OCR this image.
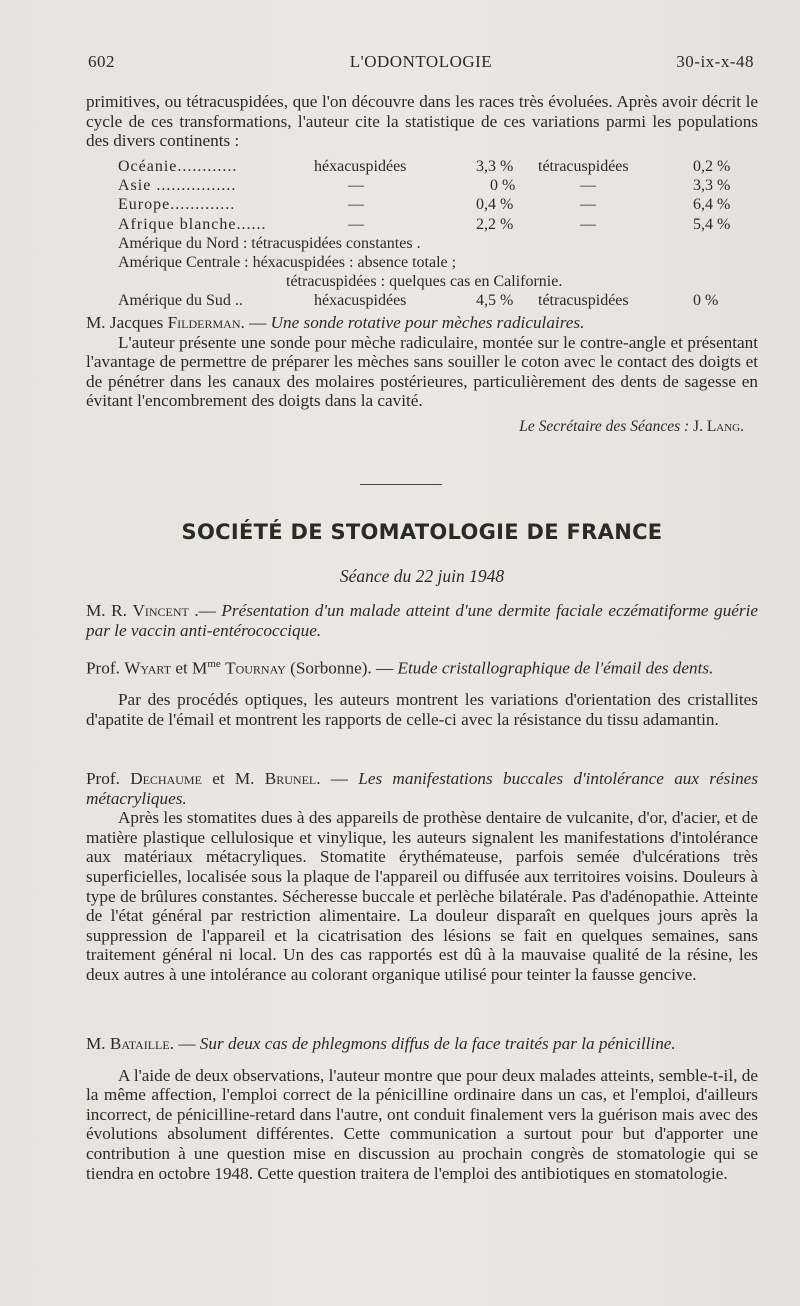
602	L'ODONTOLOGIE	30-ix-x-48

primitives, ou tétracuspidées, que l'on découvre dans les races très évoluées. Après avoir décrit le cycle de ces transformations, l'auteur cite la statistique de ces variations parmi les populations des divers continents :

Océanie............	héxacuspidées	3,3 % tétracuspidées	0,2 %
Asie ................	—	0 %	—	3,3 %
Europe.............	—	0,4 %	—	6,4 %
Afrique blanche......	—	2,2 %	—	5,4 %
Amérique du Nord : tétracuspidées constantes .
Amérique Centrale : héxacuspidées : absence totale ;
tétracuspidées : quelques cas en Californie.
Amérique du Sud ..	héxacuspidées	4,5 % tétracuspidées	0 %

M. Jacques Filderman. — Une sonde rotative pour mèches radiculaires.

L'auteur présente une sonde pour mèche radiculaire, montée sur le contre-angle et présentant l'avantage de permettre de préparer les mèches sans souiller le coton avec le contact des doigts et de pénétrer dans les canaux des molaires postérieures, particulièrement des dents de sagesse en évitant l'encombrement des doigts dans la cavité.

Le Secrétaire des Séances : J. Lang.

SOCIÉTÉ DE STOMATOLOGIE DE FRANCE
Séance du 22 juin 1948

M. R. Vincent .— Présentation d'un malade atteint d'une dermite faciale eczématiforme guérie par le vaccin anti-entérococcique.

Prof. Wyart et $M^{me}$ Tournay (Sorbonne). — Etude cristallographique de l'émail des dents.

Par des procédés optiques, les auteurs montrent les variations d'orientation des cristallites d'apatite de l'émail et montrent les rapports de celle-ci avec la résistance du tissu adamantin.

Prof. Dechaume et M. Brunel. — Les manifestations buccales d'intolérance aux résines métacryliques.

Après les stomatites dues à des appareils de prothèse dentaire de vulcanite, d'or, d'acier, et de matière plastique cellulosique et vinylique, les auteurs signalent les manifestations d'intolérance aux matériaux métacryliques. Stomatite érythémateuse, parfois semée d'ulcérations très superficielles, localisée sous la plaque de l'appareil ou diffusée aux territoires voisins. Douleurs à type de brûlures constantes. Sécheresse buccale et perlèche bilatérale. Pas d'adénopathie. Atteinte de l'état général par restriction alimentaire. La douleur disparaît en quelques jours après la suppression de l'appareil et la cicatrisation des lésions se fait en quelques semaines, sans traitement général ni local. Un des cas rapportés est dû à la mauvaise qualité de la résine, les deux autres à une intolérance au colorant organique utilisé pour teinter la fausse gencive.

M. Bataille. — Sur deux cas de phlegmons diffus de la face traités par la pénicilline.

A l'aide de deux observations, l'auteur montre que pour deux malades atteints, semble-t-il, de la même affection, l'emploi correct de la pénicilline ordinaire dans un cas, et l'emploi, d'ailleurs incorrect, de pénicilline-retard dans l'autre, ont conduit finalement vers la guérison mais avec des évolutions absolument différentes. Cette communication a surtout pour but d'apporter une contribution à une question mise en discussion au prochain congrès de stomatologie qui se tiendra en octobre 1948. Cette question traitera de l'emploi des antibiotiques en stomatologie.
